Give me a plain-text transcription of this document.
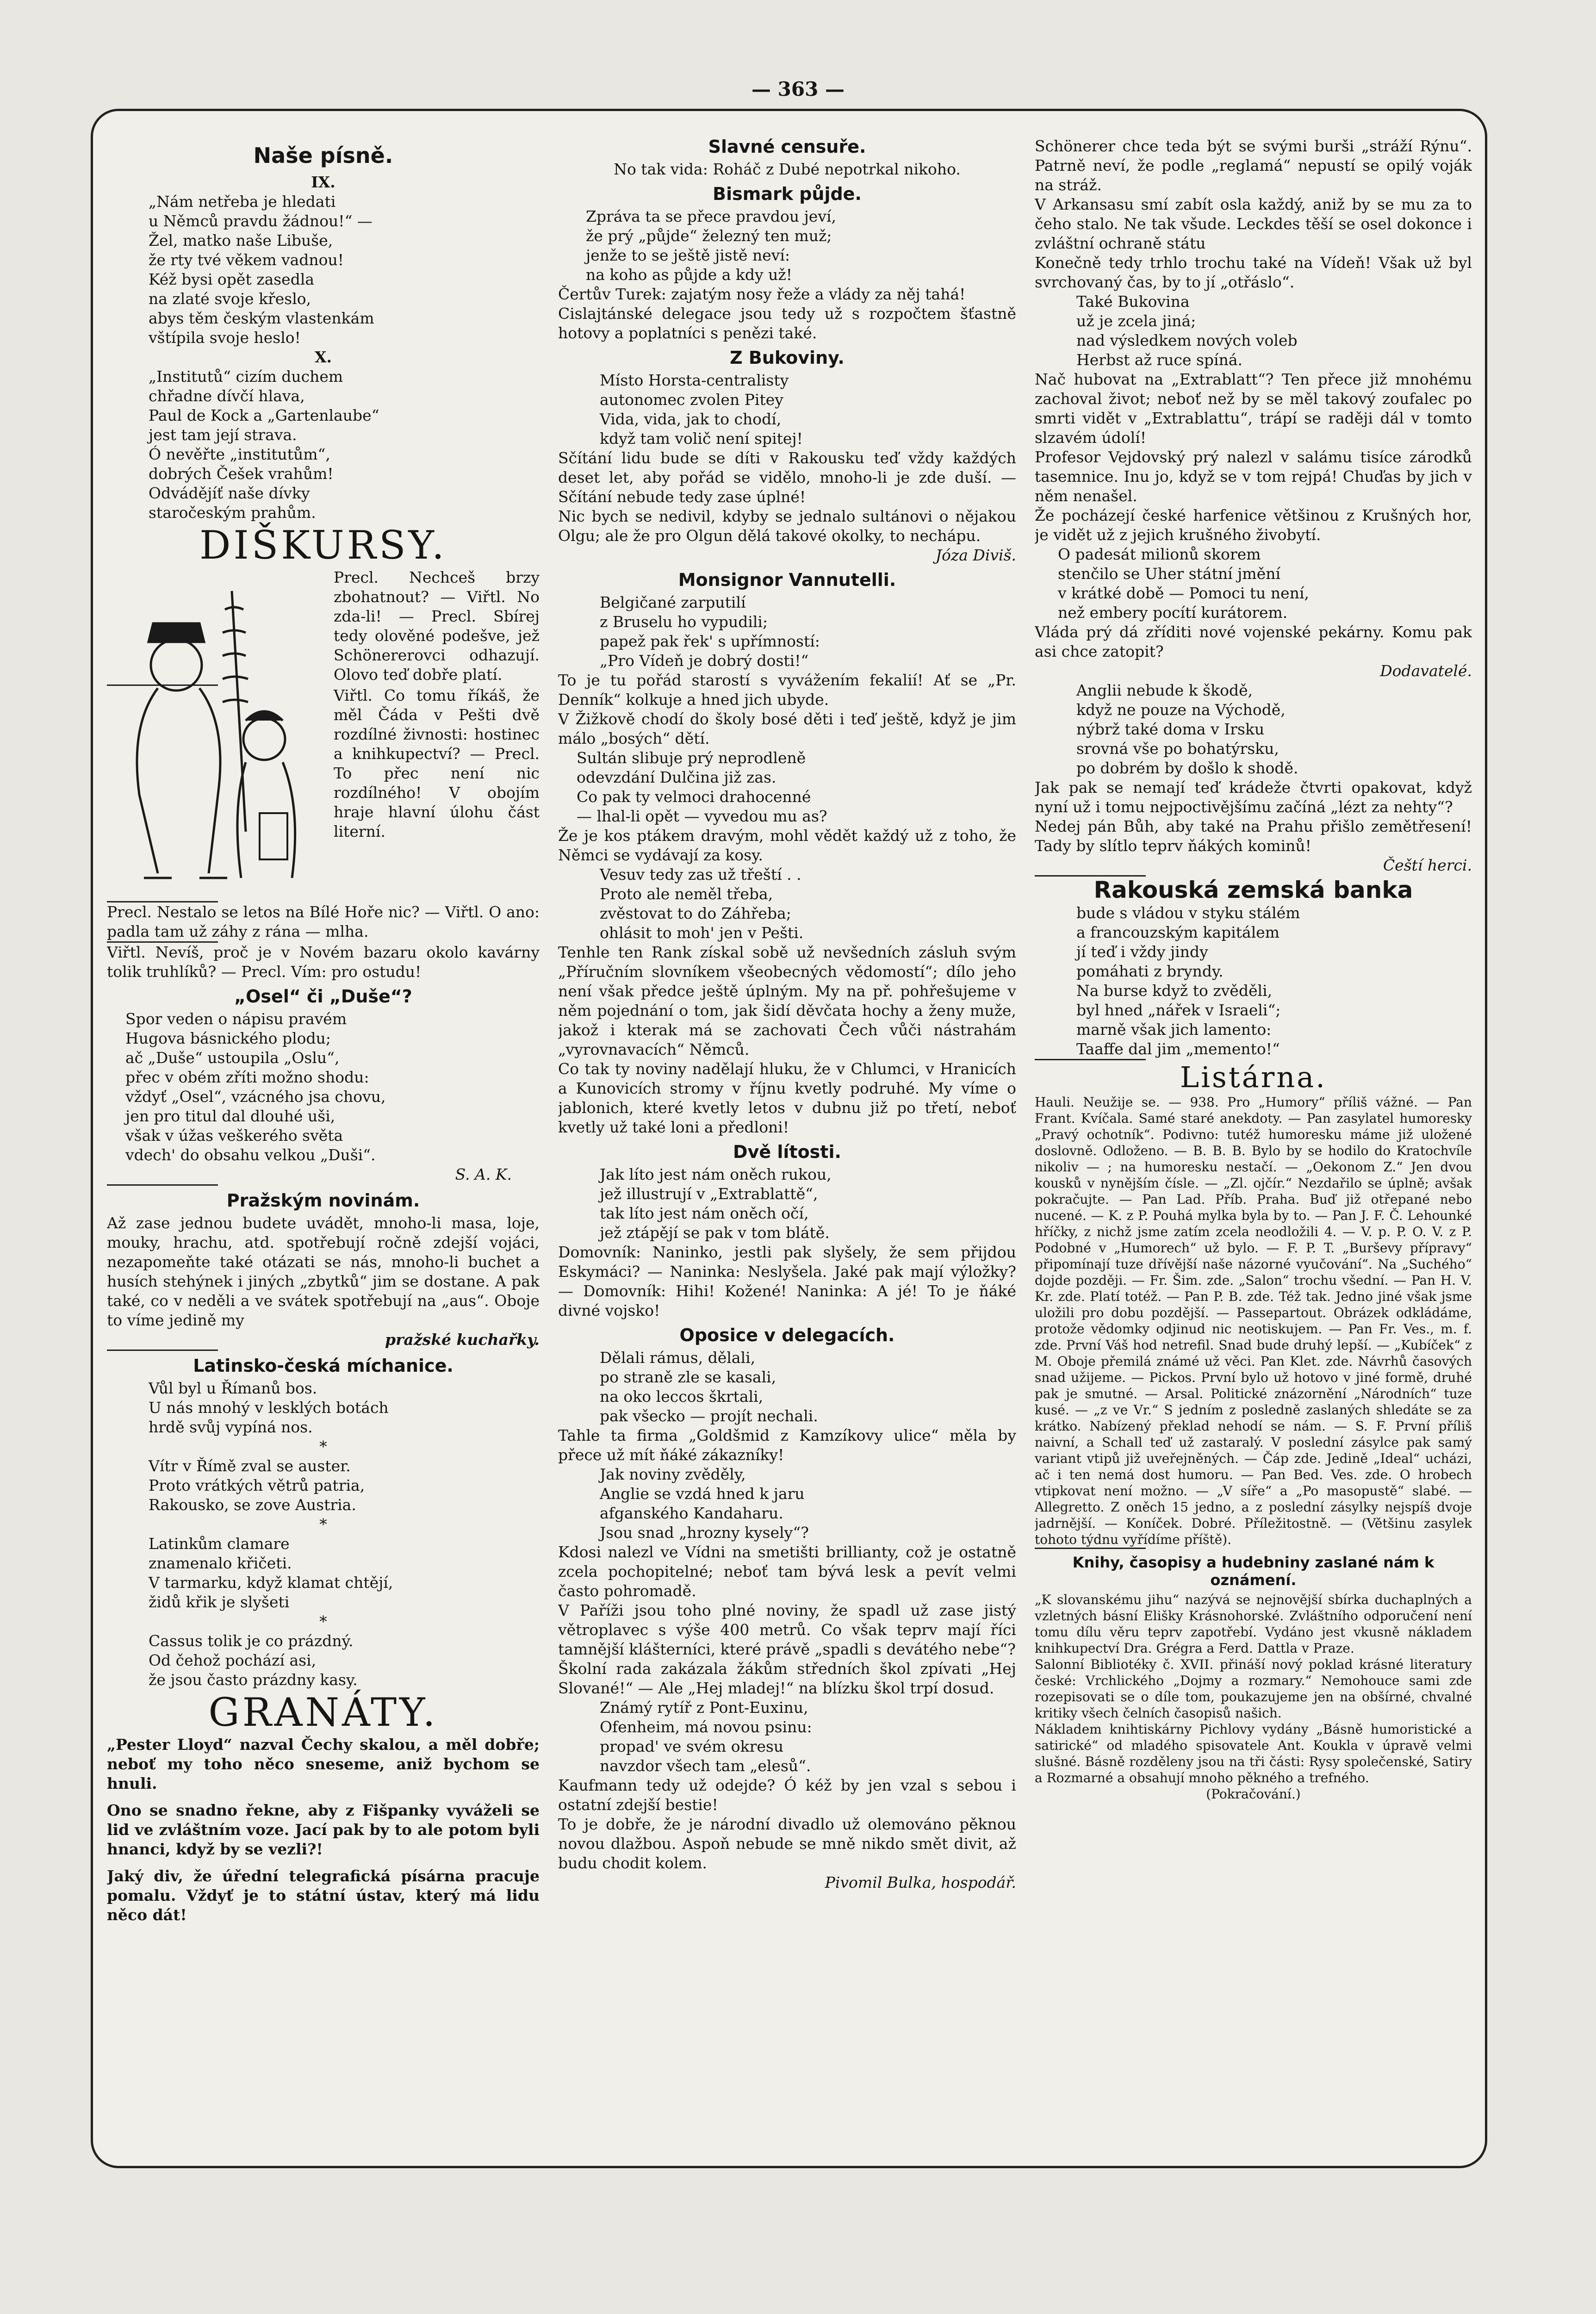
— 363 —
Naše písně.
IX.
„Nám netřeba je hledati
u Němců pravdu žádnou!“ —
Žel, matko naše Libuše,
že rty tvé věkem vadnou!
Kéž bysi opět zasedla
na zlaté svoje křeslo,
abys těm českým vlastenkám
vštípila svoje heslo!
X.
„Institutů“ cizím duchem
chřadne dívčí hlava,
Paul de Kock a „Gartenlaube“
jest tam její strava.
Ó nevěřte „institutům“,
dobrých Češek vrahům!
Odvádějíť naše dívky
staročeským prahům.
DIŠKURSY.

Precl. Nechceš brzy zbohatnout? — Viřtl. No zda-li! — Precl. Sbírej tedy olověné podešve, jež Schönererovci odhazují. Olovo teď dobře platí.

Viřtl. Co tomu říkáš, že měl Čáda v Pešti dvě rozdílné živnosti: hostinec a knihkupectví? — Precl. To přec není nic rozdílného! V obojím hraje hlavní úlohu část literní.

Precl. Nestalo se letos na Bílé Hoře nic? — Viřtl. O ano: padla tam už záhy z rána — mlha.

Viřtl. Nevíš, proč je v Novém bazaru okolo kavárny tolik truhlíků? — Precl. Vím: pro ostudu!

„Osel“ či „Duše“?
Spor veden o nápisu pravém
Hugova básnického plodu;
ač „Duše“ ustoupila „Oslu“,
přec v obém zříti možno shodu:
vždyť „Osel“, vzácného jsa chovu,
jen pro titul dal dlouhé uši,
však v úžas veškerého světa
vdech' do obsahu velkou „Duši“.
S. A. K.
Pražským novinám.

Až zase jednou budete uvádět, mnoho-li masa, loje, mouky, hrachu, atd. spotřebují ročně zdejší vojáci, nezapomeňte také otázati se nás, mnoho-li buchet a husích stehýnek i jiných „zbytků“ jim se dostane. A pak také, co v neděli a ve svátek spotřebují na „aus“. Oboje to víme jedině my

pražské kuchařky.
Latinsko-česká míchanice.
Vůl byl u Římanů bos.
U nás mnohý v lesklých botách
hrdě svůj vypíná nos.
*
Vítr v Římě zval se auster.
Proto vrátkých větrů patria,
Rakousko, se zove Austria.
*
Latinkům clamare
znamenalo křičeti.
V tarmarku, když klamat chtějí,
židů křik je slyšeti
*
Cassus tolik je co prázdný.
Od čehož pochází asi,
že jsou často prázdny kasy.
GRANÁTY.

„Pester Lloyd“ nazval Čechy skalou, a měl dobře; neboť my toho něco sneseme, aniž bychom se hnuli.

Ono se snadno řekne, aby z Fišpanky vyváželi se lid ve zvláštním voze. Jací pak by to ale potom byli hnanci, když by se vezli?!

Jaký div, že úřední telegrafická písárna pracuje pomalu. Vždyť je to státní ústav, který má lidu něco dát!

Slavné censuře.

No tak vida: Roháč z Dubé nepotrkal nikoho.

Bismark půjde.
Zpráva ta se přece pravdou jeví,
že prý „půjde“ železný ten muž;
jenže to se ještě jistě neví:
na koho as půjde a kdy už!

Čertův Turek: zajatým nosy řeže a vlády za něj tahá!

Cislajtánské delegace jsou tedy už s rozpočtem šťastně hotovy a poplatníci s penězi také.

Z Bukoviny.
Místo Horsta-centralisty
autonomec zvolen Pitey
Vida, vida, jak to chodí,
když tam volič není spitej!

Sčítání lidu bude se díti v Rakousku teď vždy každých deset let, aby pořád se vidělo, mnoho-li je zde duší. — Sčítání nebude tedy zase úplné!

Nic bych se nedivil, kdyby se jednalo sultánovi o nějakou Olgu; ale že pro Olgun dělá takové okolky, to nechápu.

Józa Diviš.
Monsignor Vannutelli.
Belgičané zarputilí
z Bruselu ho vypudili;
papež pak řek' s upřímností:
„Pro Vídeň je dobrý dosti!“

To je tu pořád starostí s vyvážením fekalií! Ať se „Pr. Denník“ kolkuje a hned jich ubyde.

V Žižkově chodí do školy bosé děti i teď ještě, když je jim málo „bosých“ dětí.

Sultán slibuje prý neprodleně
odevzdání Dulčina již zas.
Co pak ty velmoci drahocenné
— lhal-li opět — vyvedou mu as?

Že je kos ptákem dravým, mohl vědět každý už z toho, že Němci se vydávají za kosy.

Vesuv tedy zas už třeští . .
Proto ale neměl třeba,
zvěstovat to do Záhřeba;
ohlásit to moh' jen v Pešti.

Tenhle ten Rank získal sobě už nevšedních zásluh svým „Příručním slovníkem všeobecných vědomostí“; dílo jeho není však předce ještě úplným. My na př. pohřešujeme v něm pojednání o tom, jak šidí děvčata hochy a ženy muže, jakož i kterak má se zachovati Čech vůči nástrahám „vyrovnavacích“ Němců.

Co tak ty noviny nadělají hluku, že v Chlumci, v Hranicích a Kunovicích stromy v říjnu kvetly podruhé. My víme o jablonich, které kvetly letos v dubnu již po třetí, neboť kvetly už také loni a předloni!

Dvě lítosti.
Jak líto jest nám oněch rukou,
jež illustrují v „Extrablattě“,
tak líto jest nám oněch očí,
jež ztápějí se pak v tom blátě.

Domovník: Naninko, jestli pak slyšely, že sem přijdou Eskymáci? — Naninka: Neslyšela. Jaké pak mají výložky? — Domovník: Hihi! Kožené! Naninka: A jé! To je ňáké divné vojsko!

Oposice v delegacích.
Dělali rámus, dělali,
po straně zle se kasali,
na oko leccos škrtali,
pak všecko — projít nechali.

Tahle ta firma „Goldšmid z Kamzíkovy ulice“ měla by přece už mít ňáké zákazníky!

Jak noviny zvěděly,
Anglie se vzdá hned k jaru
afganského Kandaharu.
Jsou snad „hrozny kysely“?

Kdosi nalezl ve Vídni na smetišti brillianty, což je ostatně zcela pochopitelné; neboť tam bývá lesk a pevít velmi často pohromadě.

V Paříži jsou toho plné noviny, že spadl už zase jistý větroplavec s výše 400 metrů. Co však teprv mají říci tamnější klášterníci, které právě „spadli s devátého nebe“?

Školní rada zakázala žákům středních škol zpívati „Hej Slované!“ — Ale „Hej mladej!“ na blízku škol trpí dosud.

Známý rytíř z Pont-Euxinu,
Ofenheim, má novou psinu:
propad' ve svém okresu
navzdor všech tam „elesů“.

Kaufmann tedy už odejde? Ó kéž by jen vzal s sebou i ostatní zdejší bestie!

To je dobře, že je národní divadlo už olemováno pěknou novou dlažbou. Aspoň nebude se mně nikdo smět divit, až budu chodit kolem.

Pivomil Bulka, hospodář.

Schönerer chce teda být se svými burši „stráží Rýnu“. Patrně neví, že podle „reglamá“ nepustí se opilý voják na stráž.

V Arkansasu smí zabít osla každý, aniž by se mu za to čeho stalo. Ne tak všude. Leckdes těší se osel dokonce i zvláštní ochraně státu

Konečně tedy trhlo trochu také na Vídeň! Však už byl svrchovaný čas, by to jí „otřáslo“.

Také Bukovina
už je zcela jiná;
nad výsledkem nových voleb
Herbst až ruce spíná.

Nač hubovat na „Extrablatt“? Ten přece již mnohému zachoval život; neboť než by se měl takový zoufalec po smrti vidět v „Extrablattu“, trápí se raději dál v tomto slzavém údolí!

Profesor Vejdovský prý nalezl v salámu tisíce zárodků tasemnice. Inu jo, když se v tom rejpá! Chuďas by jich v něm nenašel.

Že pocházejí české harfenice většinou z Krušných hor, je vidět už z jejich krušného živobytí.

O padesát milionů skorem
stenčilo se Uher státní jmění
v krátké době — Pomoci tu není,
než embery pocítí kurátorem.

Vláda prý dá zříditi nové vojenské pekárny. Komu pak asi chce zatopit?

Dodavatelé.
Anglii nebude k škodě,
když ne pouze na Východě,
nýbrž také doma v Irsku
srovná vše po bohatýrsku,
po dobrém by došlo k shodě.

Jak pak se nemají teď krádeže čtvrti opakovat, když nyní už i tomu nejpoctivějšímu začíná „lézt za nehty“?

Nedej pán Bůh, aby také na Prahu přišlo zemětřesení! Tady by slítlo teprv ňákých kominů!

Čeští herci.
Rakouská zemská banka
bude s vládou v styku stálém
a francouzským kapitálem
jí teď i vždy jindy
pomáhati z bryndy.
Na burse když to zvěděli,
byl hned „nářek v Israeli“;
marně však jich lamento:
Taaffe dal jim „memento!“
Listárna.

Hauli. Neužije se. — 938. Pro „Humory“ příliš vážné. — Pan Frant. Kvíčala. Samé staré anekdoty. — Pan zasylatel humoresky „Pravý ochotník“. Podivno: tutéž humoresku máme již uložené doslovně. Odloženo. — B. B. B. Bylo by se hodilo do Kratochvíle nikoliv — ; na humoresku nestačí. — „Oekonom Z.“ Jen dvou kousků v nynějším čísle. — „Zl. ojčír.“ Nezdařilo se úplně; avšak pokračujte. — Pan Lad. Příb. Praha. Buď již otřepané nebo nucené. — K. z P. Pouhá mylka byla by to. — Pan J. F. Č. Lehounké hříčky, z nichž jsme zatím zcela neodložili 4. — V. p. P. O. V. z P. Podobné v „Humorech“ už bylo. — F. P. T. „Burševy přípravy“ připomínají tuze dřívější naše názorné vyučování“. Na „Suchého“ dojde později. — Fr. Šim. zde. „Salon“ trochu všední. — Pan H. V. Kr. zde. Platí totéž. — Pan P. B. zde. Též tak. Jedno jiné však jsme uložili pro dobu pozdější. — Passepartout. Obrázek odkládáme, protože vědomky odjinud nic neotiskujem. — Pan Fr. Ves., m. f. zde. První Váš hod netrefil. Snad bude druhý lepší. — „Kubíček“ z M. Oboje přemilá známé už věci. Pan Klet. zde. Návrhů časových snad užijeme. — Pickos. První bylo už hotovo v jiné formě, druhé pak je smutné. — Arsal. Politické znázornění „Národních“ tuze kusé. — „z ve Vr.“ S jedním z posledně zaslaných shledáte se za krátko. Nabízený překlad nehodí se nám. — S. F. První příliš naivní, a Schall teď už zastaralý. V poslední zásylce pak samý variant vtipů již uveřejněných. — Čáp zde. Jedině „Ideal“ ucházi, ač i ten nemá dost humoru. — Pan Bed. Ves. zde. O hrobech vtipkovat není možno. — „V síře“ a „Po masopustě“ slabé. — Allegretto. Z oněch 15 jedno, a z poslední zásylky nejspíš dvoje jadrnější. — Koníček. Dobré. Příležitostně. — (Většinu zasylek tohoto týdnu vyřídíme příště).

Knihy, časopisy a hudebniny zaslané nám k oznámení.

„K slovanskému jihu“ nazývá se nejnovější sbírka duchaplných a vzletných básní Elišky Krásnohorské. Zvláštního odporučení není tomu dílu věru teprv zapotřebí. Vydáno jest vkusně nákladem knihkupectví Dra. Grégra a Ferd. Dattla v Praze.

Salonní Bibliotéky č. XVII. přináší nový poklad krásné literatury české: Vrchlického „Dojmy a rozmary.“ Nemohouce sami zde rozepisovati se o díle tom, poukazujeme jen na obšírné, chvalné kritiky všech čelních časopisů našich.

Nákladem knihtiskárny Pichlovy vydány „Básně humoristické a satirické“ od mladého spisovatele Ant. Koukla v úpravě velmi slušné. Básně rozděleny jsou na tři části: Rysy společenské, Satiry a Rozmarné a obsahují mnoho pěkného a trefného.

(Pokračování.)
